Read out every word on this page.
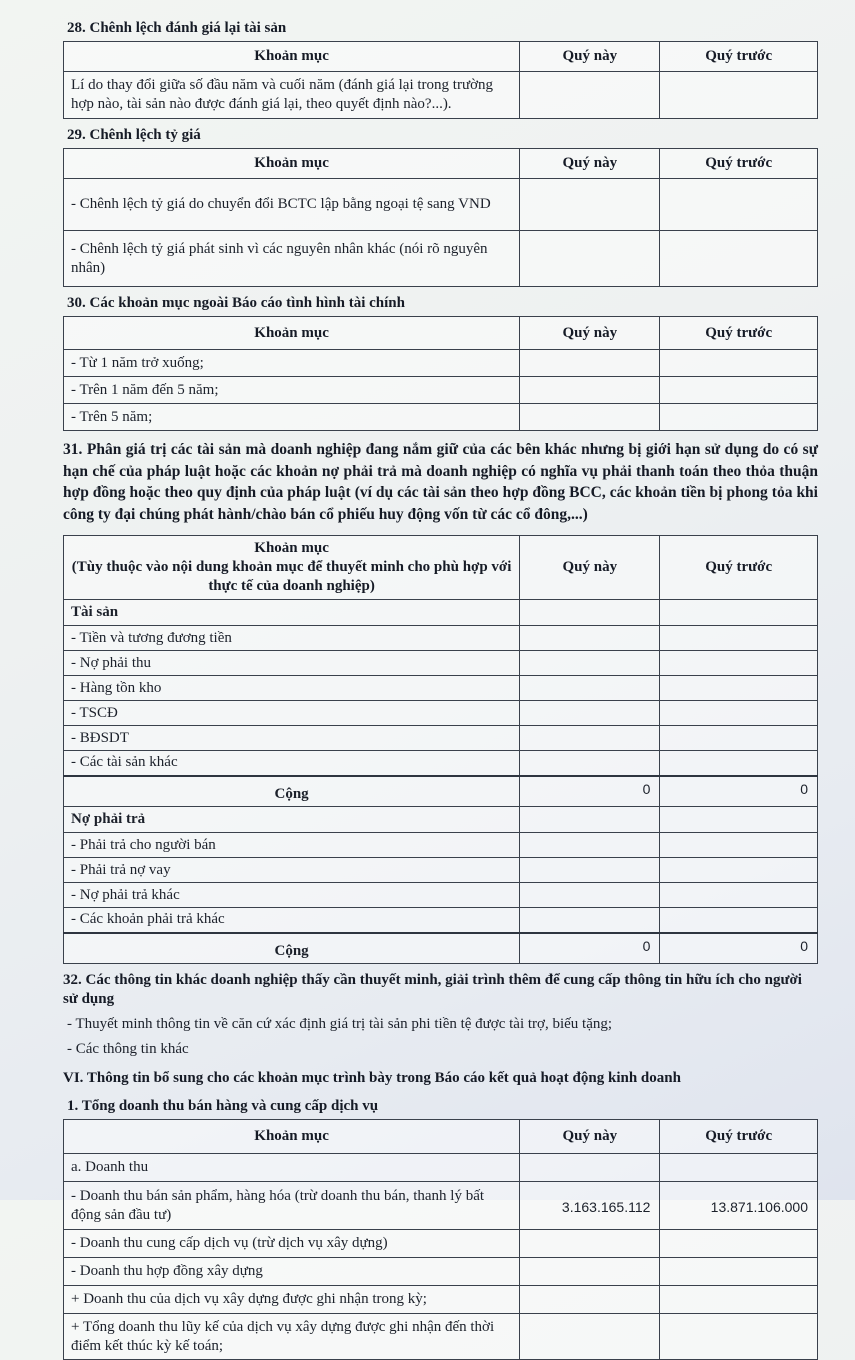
28. Chênh lệch đánh giá lại tài sản
Khoản mục	Quý này	Quý trước
Lí do thay đổi giữa số đầu năm và cuối năm (đánh giá lại trong trường hợp nào, tài sản nào được đánh giá lại, theo quyết định nào?...).		
29. Chênh lệch tỷ giá
Khoản mục	Quý này	Quý trước
- Chênh lệch tỷ giá do chuyển đổi BCTC lập bằng ngoại tệ sang VND		
- Chênh lệch tỷ giá phát sinh vì các nguyên nhân khác (nói rõ nguyên nhân)		
30. Các khoản mục ngoài Báo cáo tình hình tài chính
Khoản mục	Quý này	Quý trước
- Từ 1 năm trở xuống;		
- Trên 1 năm đến 5 năm;		
- Trên 5 năm;		
31. Phân giá trị các tài sản mà doanh nghiệp đang nắm giữ của các bên khác nhưng bị giới hạn sử dụng do có sự hạn chế của pháp luật hoặc các khoản nợ phải trả mà doanh nghiệp có nghĩa vụ phải thanh toán theo thỏa thuận hợp đồng hoặc theo quy định của pháp luật (ví dụ các tài sản theo hợp đồng BCC, các khoản tiền bị phong tỏa khi công ty đại chúng phát hành/chào bán cổ phiếu huy động vốn từ các cổ đông,...)
Khoản mục
(Tùy thuộc vào nội dung khoản mục để thuyết minh cho phù hợp với thực tế của doanh nghiệp)	Quý này	Quý trước
Tài sản		
- Tiền và tương đương tiền		
- Nợ phải thu		
- Hàng tồn kho		
- TSCĐ		
- BĐSDT		
- Các tài sản khác		
Cộng	0	0
Nợ phải trả		
- Phải trả cho người bán		
- Phải trả nợ vay		
- Nợ phải trả khác		
- Các khoản phải trả khác		
Cộng	0	0
32. Các thông tin khác doanh nghiệp thấy cần thuyết minh, giải trình thêm để cung cấp thông tin hữu ích cho người sử dụng
- Thuyết minh thông tin về căn cứ xác định giá trị tài sản phi tiền tệ được tài trợ, biếu tặng;
- Các thông tin khác
VI. Thông tin bổ sung cho các khoản mục trình bày trong Báo cáo kết quả hoạt động kinh doanh
1. Tổng doanh thu bán hàng và cung cấp dịch vụ
Khoản mục	Quý này	Quý trước
a. Doanh thu		
- Doanh thu bán sản phẩm, hàng hóa (trừ doanh thu bán, thanh lý bất động sản đầu tư)	3.163.165.112	13.871.106.000
- Doanh thu cung cấp dịch vụ (trừ dịch vụ xây dựng)		
- Doanh thu hợp đồng xây dựng		
+ Doanh thu của dịch vụ xây dựng được ghi nhận trong kỳ;		
+ Tổng doanh thu lũy kế của dịch vụ xây dựng được ghi nhận đến thời điểm kết thúc kỳ kế toán;		
